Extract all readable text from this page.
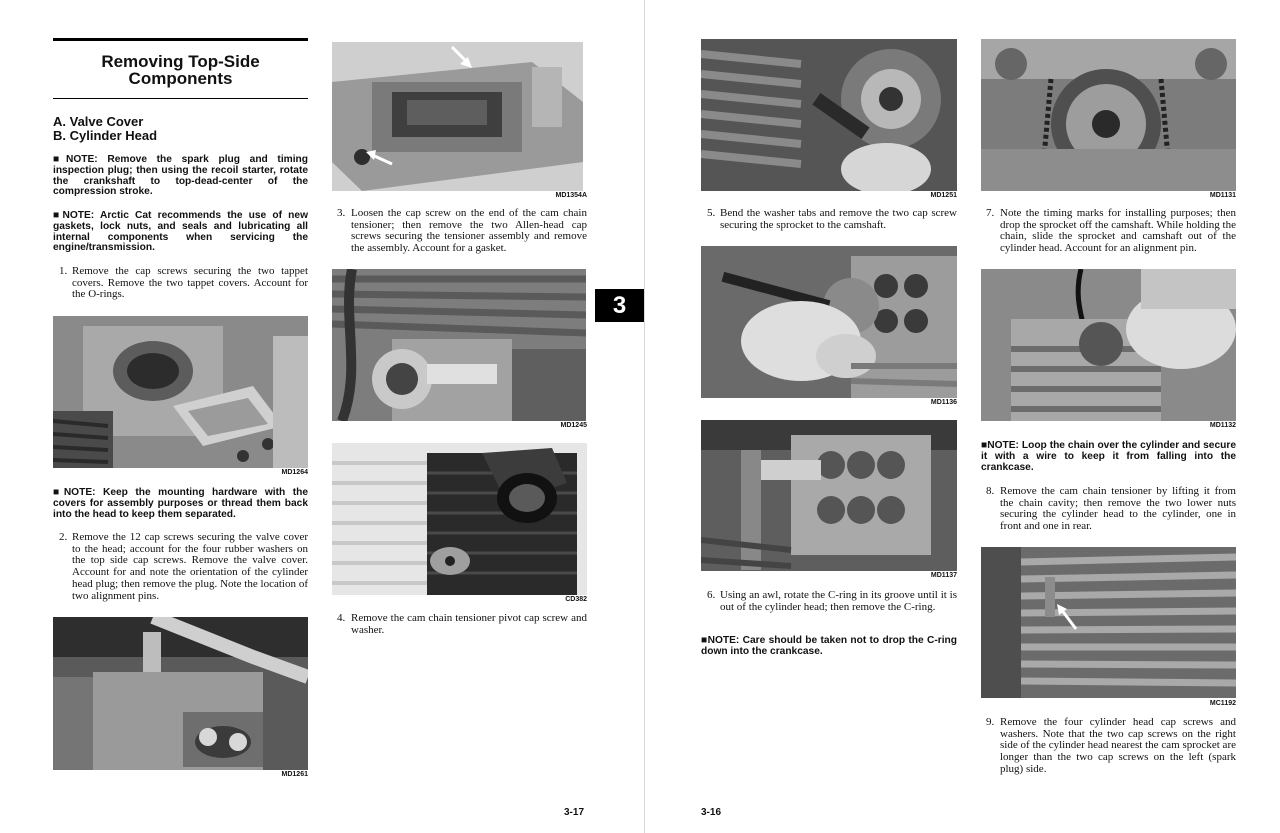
Removing Top-Side Components
A. Valve Cover
B. Cylinder Head
■NOTE: Remove the spark plug and timing inspection plug; then using the recoil starter, rotate the crankshaft to top-dead-center of the compression stroke.
■NOTE: Arctic Cat recommends the use of new gaskets, lock nuts, and seals and lubricating all internal components when servicing the engine/transmission.
1. Remove the cap screws securing the two tappet covers. Remove the two tappet covers. Account for the O-rings.
MD1264
■NOTE: Keep the mounting hardware with the covers for assembly purposes or thread them back into the head to keep them separated.
2. Remove the 12 cap screws securing the valve cover to the head; account for the four rubber washers on the top side cap screws. Remove the valve cover. Account for and note the orientation of the cylinder head plug; then remove the plug. Note the location of two alignment pins.
MD1261
MD1354A
3. Loosen the cap screw on the end of the cam chain tensioner; then remove the two Allen-head cap screws securing the tensioner assembly and remove the assembly. Account for a gasket.
MD1245
CD382
4. Remove the cam chain tensioner pivot cap screw and washer.
3-17
3
MD1251
5. Bend the washer tabs and remove the two cap screw securing the sprocket to the camshaft.
MD1136
MD1137
6. Using an awl, rotate the C-ring in its groove until it is out of the cylinder head; then remove the C-ring.
■NOTE: Care should be taken not to drop the C-ring down into the crankcase.
3-16
MD1131
7. Note the timing marks for installing purposes; then drop the sprocket off the camshaft. While holding the chain, slide the sprocket and camshaft out of the cylinder head. Account for an alignment pin.
MD1132
■NOTE: Loop the chain over the cylinder and secure it with a wire to keep it from falling into the crankcase.
8. Remove the cam chain tensioner by lifting it from the chain cavity; then remove the two lower nuts securing the cylinder head to the cylinder, one in front and one in rear.
MC1192
9. Remove the four cylinder head cap screws and washers. Note that the two cap screws on the right side of the cylinder head nearest the cam sprocket are longer than the two cap screws on the left (spark plug) side.
